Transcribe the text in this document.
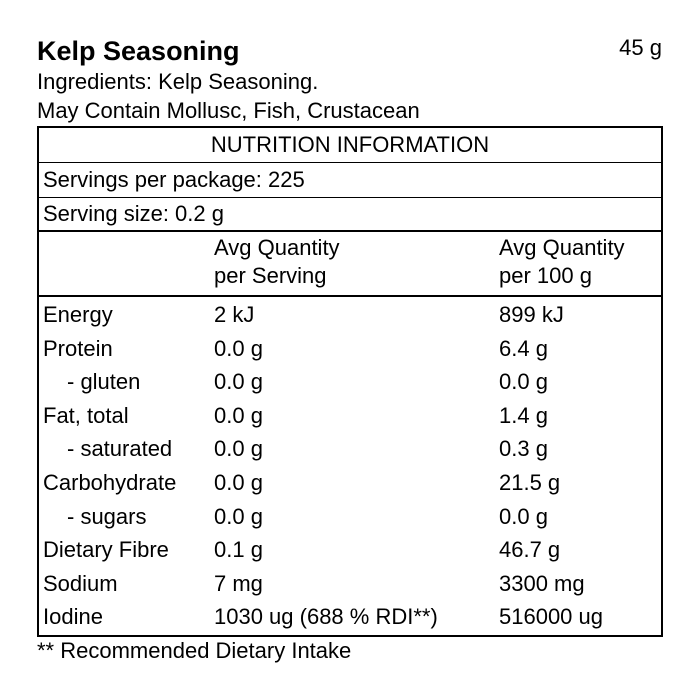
Kelp Seasoning	45 g
Ingredients: Kelp Seasoning.
May Contain Mollusc, Fish, Crustacean
NUTRITION INFORMATION
Servings per package: 225
Serving size: 0.2 g
Avg Quantity
per Serving
Avg Quantity
per 100 g
Energy	2 kJ	899 kJ
Protein	0.0 g	6.4 g
- gluten	0.0 g	0.0 g
Fat, total	0.0 g	1.4 g
- saturated 0.0 g	0.3 g
Carbohydrate 0.0 g	21.5 g
- sugars	0.0 g	0.0 g
Dietary Fibre 0.1 g	46.7 g
Sodium	7 mg	3300 mg
Iodine	1030 ug (688 % RDI**)	516000 ug
** Recommended Dietary Intake
